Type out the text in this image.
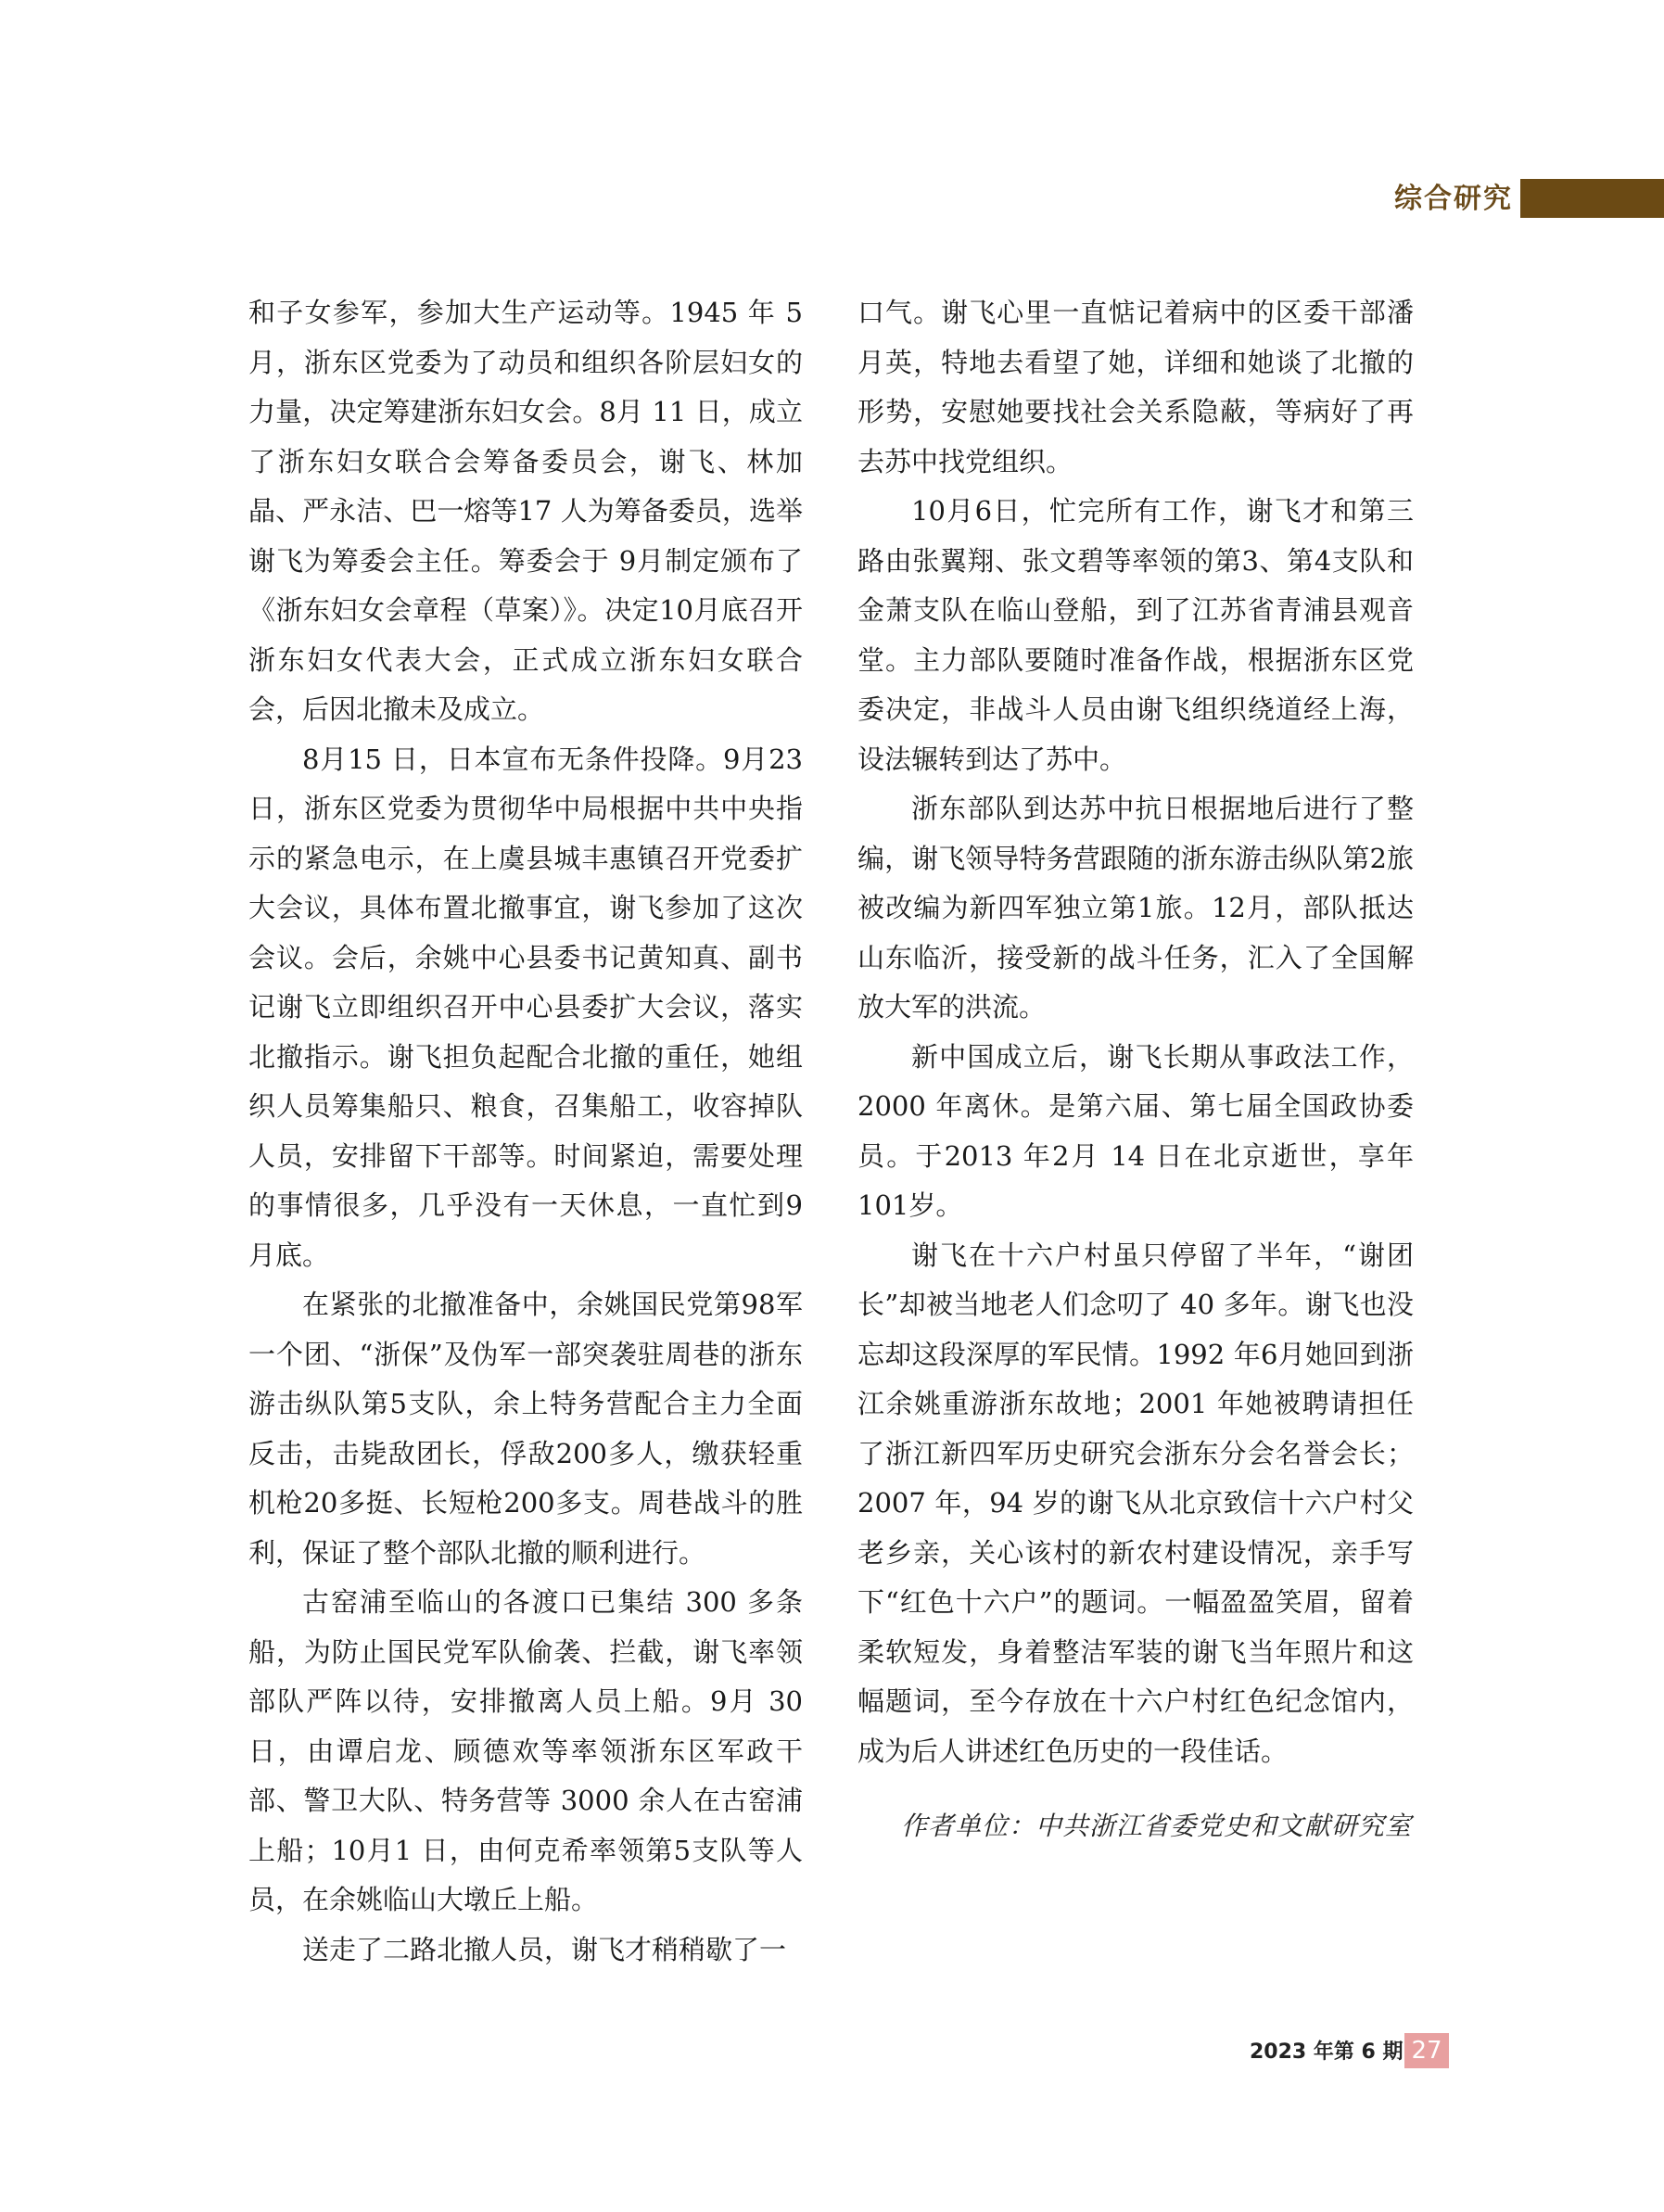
综合研究

和子女参军，参加大生产运动等。1945 年 5 月，浙东区党委为了动员和组织各阶层妇女的力量，决定筹建浙东妇女会。8月 11 日，成立了浙东妇女联合会筹备委员会，谢飞、林加晶、严永洁、巴一熔等17 人为筹备委员，选举谢飞为筹委会主任。筹委会于 9月制定颁布了《浙东妇女会章程（草案）》。决定10月底召开浙东妇女代表大会，正式成立浙东妇女联合会，后因北撤未及成立。

8月15 日，日本宣布无条件投降。9月23日，浙东区党委为贯彻华中局根据中共中央指示的紧急电示，在上虞县城丰惠镇召开党委扩大会议，具体布置北撤事宜，谢飞参加了这次会议。会后，余姚中心县委书记黄知真、副书记谢飞立即组织召开中心县委扩大会议，落实北撤指示。谢飞担负起配合北撤的重任，她组织人员筹集船只、粮食，召集船工，收容掉队人员，安排留下干部等。时间紧迫，需要处理的事情很多，几乎没有一天休息，一直忙到9月底。

在紧张的北撤准备中，余姚国民党第98军一个团、“浙保”及伪军一部突袭驻周巷的浙东游击纵队第5支队，余上特务营配合主力全面反击，击毙敌团长，俘敌200多人，缴获轻重机枪20多挺、长短枪200多支。周巷战斗的胜利，保证了整个部队北撤的顺利进行。

古窑浦至临山的各渡口已集结 300 多条船，为防止国民党军队偷袭、拦截，谢飞率领部队严阵以待，安排撤离人员上船。9月 30 日，由谭启龙、顾德欢等率领浙东区军政干部、警卫大队、特务营等 3000 余人在古窑浦上船；10月1 日，由何克希率领第5支队等人员，在余姚临山大墩丘上船。

送走了二路北撤人员，谢飞才稍稍歇了一

口气。谢飞心里一直惦记着病中的区委干部潘月英，特地去看望了她，详细和她谈了北撤的形势，安慰她要找社会关系隐蔽，等病好了再去苏中找党组织。

10月6日，忙完所有工作，谢飞才和第三路由张翼翔、张文碧等率领的第3、第4支队和金萧支队在临山登船，到了江苏省青浦县观音堂。主力部队要随时准备作战，根据浙东区党委决定，非战斗人员由谢飞组织绕道经上海，设法辗转到达了苏中。

浙东部队到达苏中抗日根据地后进行了整编，谢飞领导特务营跟随的浙东游击纵队第2旅被改编为新四军独立第1旅。12月，部队抵达山东临沂，接受新的战斗任务，汇入了全国解放大军的洪流。

新中国成立后，谢飞长期从事政法工作，2000 年离休。是第六届、第七届全国政协委员。于2013 年2月 14 日在北京逝世，享年101岁。

谢飞在十六户村虽只停留了半年，“谢团长”却被当地老人们念叨了 40 多年。谢飞也没忘却这段深厚的军民情。1992 年6月她回到浙江余姚重游浙东故地；2001 年她被聘请担任了浙江新四军历史研究会浙东分会名誉会长；2007 年，94 岁的谢飞从北京致信十六户村父老乡亲，关心该村的新农村建设情况，亲手写下“红色十六户”的题词。一幅盈盈笑眉，留着柔软短发，身着整洁军装的谢飞当年照片和这幅题词，至今存放在十六户村红色纪念馆内，成为后人讲述红色历史的一段佳话。

作者单位：中共浙江省委党史和文献研究室
2023 年第 6 期 27
